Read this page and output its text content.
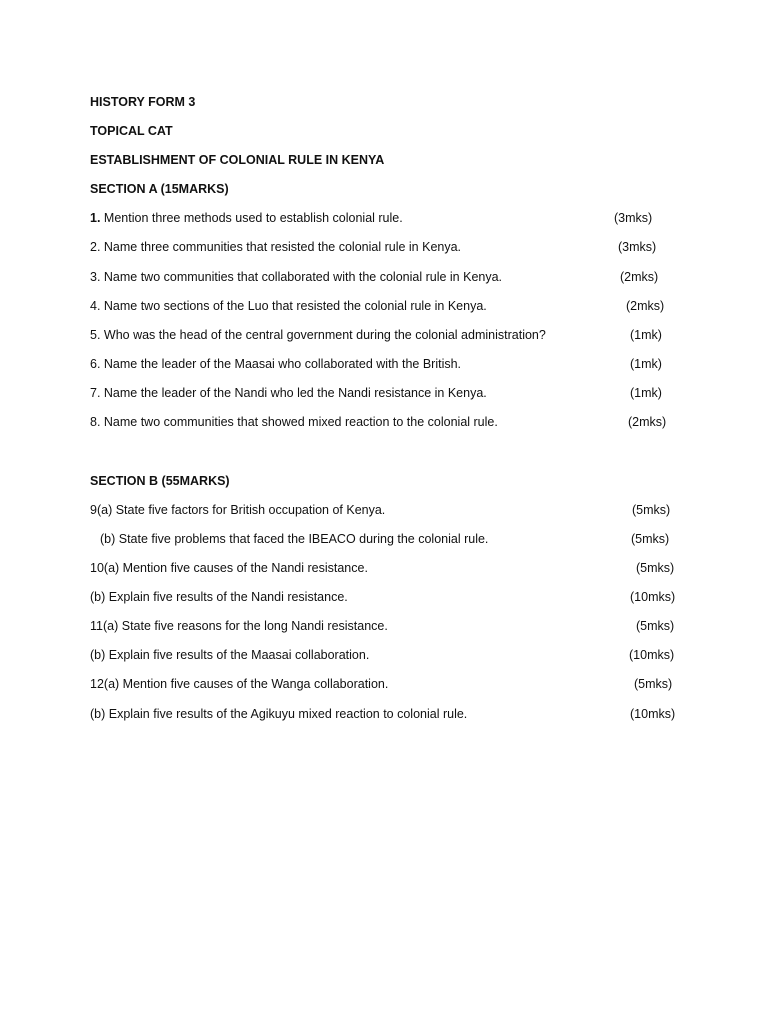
HISTORY FORM 3
TOPICAL CAT
ESTABLISHMENT OF COLONIAL RULE IN KENYA
SECTION A (15MARKS)
1. Mention three methods used to establish colonial rule.	(3mks)
2. Name three communities that resisted the colonial rule in Kenya.	(3mks)
3. Name two communities that collaborated with the colonial rule in Kenya.	(2mks)
4. Name two sections of the Luo that resisted the colonial rule in Kenya.	(2mks)
5. Who was the head of the central government during the colonial administration?	(1mk)
6. Name the leader of the Maasai who collaborated with the British.	(1mk)
7. Name the leader of the Nandi who led the Nandi resistance in Kenya.	(1mk)
8. Name two communities that showed mixed reaction to the colonial rule.	(2mks)
SECTION B (55MARKS)
9(a) State five factors for British occupation of Kenya.	(5mks)
(b) State five problems that faced the IBEACO during the colonial rule.	(5mks)
10(a) Mention five causes of the Nandi resistance.	(5mks)
(b) Explain five results of the Nandi resistance.	(10mks)
11(a) State five reasons for the long Nandi resistance.	(5mks)
(b) Explain five results of the Maasai collaboration.	(10mks)
12(a) Mention five causes of the Wanga collaboration.	(5mks)
(b) Explain five results of the Agikuyu mixed reaction to colonial rule.	(10mks)
